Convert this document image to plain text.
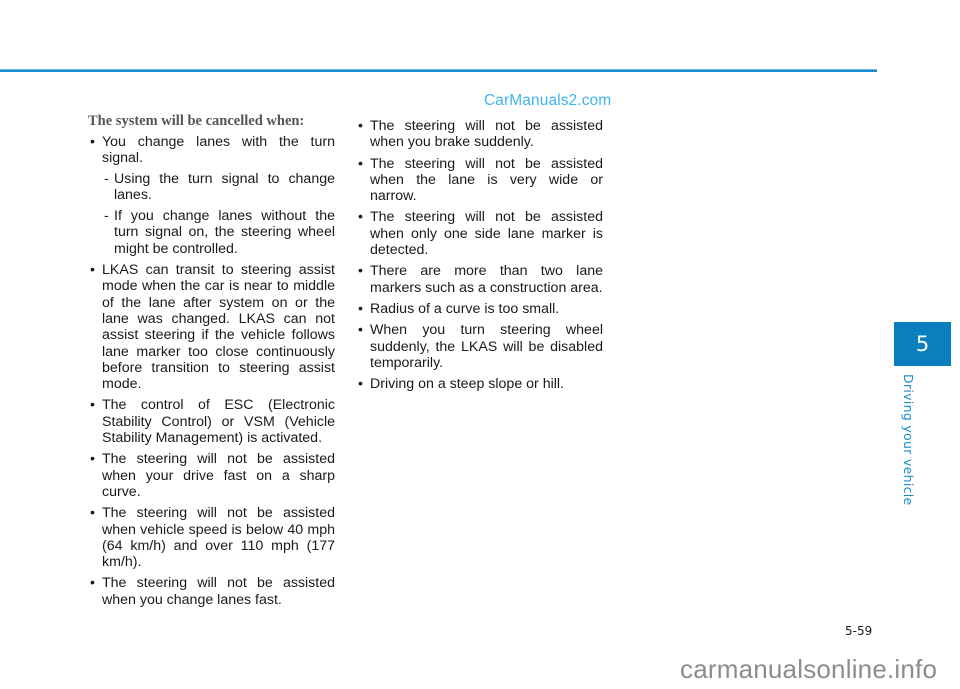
CarManuals2.com
The system will be cancelled when:
• You change lanes with the turn signal.
- Using the turn signal to change lanes.
- If you change lanes without the turn signal on, the steering wheel might be controlled.
• LKAS can transit to steering assist mode when the car is near to middle of the lane after system on or the lane was changed. LKAS can not assist steering if the vehicle follows lane marker too close continuously before transition to steering assist mode.
• The control of ESC (Electronic Stability Control) or VSM (Vehicle Stability Management) is activated.
• The steering will not be assisted when your drive fast on a sharp curve.
• The steering will not be assisted when vehicle speed is below 40 mph (64 km/h) and over 110 mph (177 km/h).
• The steering will not be assisted when you change lanes fast.
• The steering will not be assisted when you brake suddenly.
• The steering will not be assisted when the lane is very wide or narrow.
• The steering will not be assisted when only one side lane marker is detected.
• There are more than two lane markers such as a construction area.
• Radius of a curve is too small.
• When you turn steering wheel suddenly, the LKAS will be disabled temporarily.
• Driving on a steep slope or hill.
5
Driving your vehicle
5-59
carmanualsonline.info
